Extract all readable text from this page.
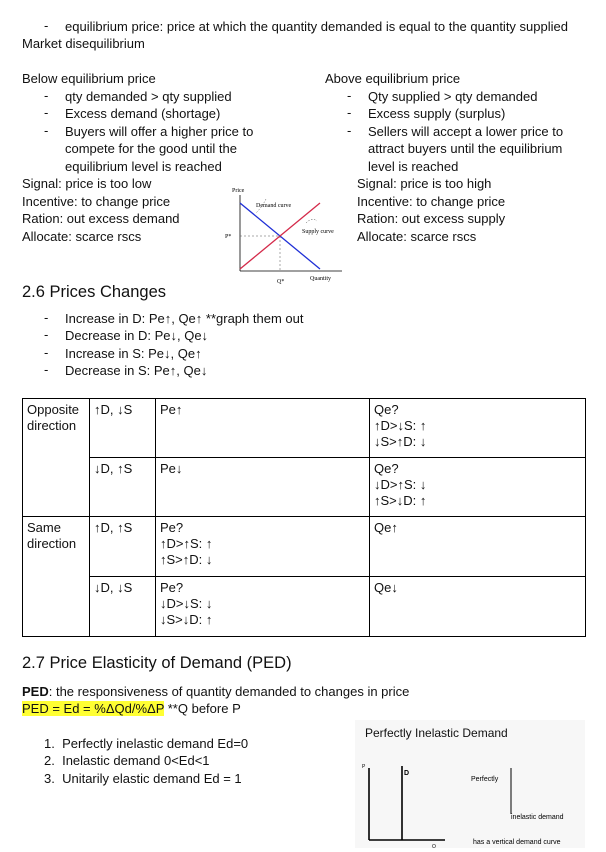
- equilibrium price: price at which the quantity demanded is equal to the quantity supplied
Market disequilibrium
Below equilibrium price
- qty demanded > qty supplied
- Excess demand (shortage)
- Buyers will offer a higher price to
compete for the good until the
equilibrium level is reached
Signal: price is too low
Incentive: to change price
Ration: out excess demand
Allocate: scarce rscs
Above equilibrium price
- Qty supplied > qty demanded
- Excess supply (surplus)
- Sellers will accept a lower price to
attract buyers until the equilibrium
level is reached
Signal: price is too high
Incentive: to change price
Ration: out excess supply
Allocate: scarce rscs
Price
Demand curve
Supply curve
P*
Q*	Quantity
2.6 Prices Changes
- Increase in D: Pe↑, Qe↑ **graph them out
- Decrease in D: Pe↓, Qe↓
- Increase in S: Pe↓, Qe↑
- Decrease in S: Pe↑, Qe↓
Opposite direction	↑D, ↓S	Pe↑	Qe?
↑D>↓S: ↑
↓S>↑D: ↓

	↓D, ↑S	Pe↓	Qe?
↓D>↑S: ↓
↑S>↓D: ↑

Same direction	↑D, ↑S	Pe?
↑D>↑S: ↑
↑S>↑D: ↓	Qe↑

	↓D, ↓S	Pe?
↓D>↓S: ↓
↓S>↓D: ↑	Qe↓
2.7 Price Elasticity of Demand (PED)
PED: the responsiveness of quantity demanded to changes in price
PED = Ed = %ΔQd/%ΔP **Q before P
1.  Perfectly inelastic demand Ed=0
2.  Inelastic demand 0<Ed<1
3.  Unitarily elastic demand Ed = 1
Perfectly Inelastic Demand
P
Q
D
Perfectly
inelastic demand
has a vertical demand curve
